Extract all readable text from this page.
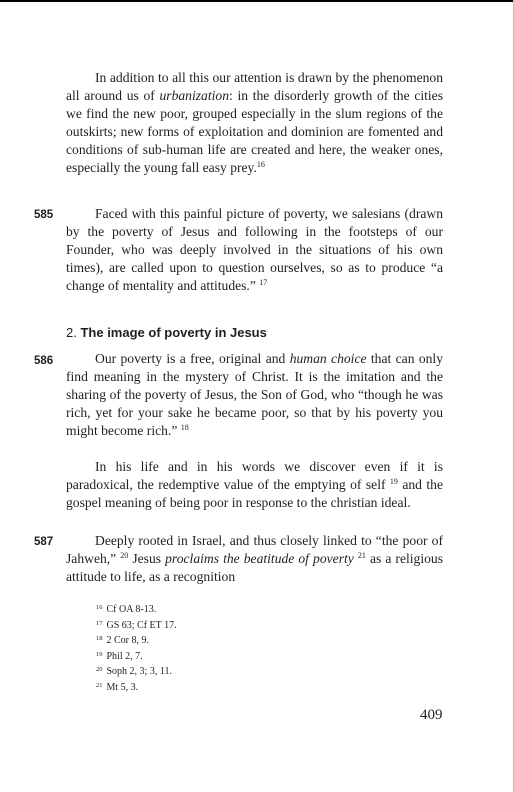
In addition to all this our attention is drawn by the phenomenon all around us of urbanization: in the disorderly growth of the cities we find the new poor, grouped especially in the slum regions of the outskirts; new forms of exploitation and dominion are fomented and conditions of sub-human life are created and here, the weaker ones, especially the young fall easy prey.$^{16}$

585	Faced with this painful picture of poverty, we salesians (drawn by the poverty of Jesus and following in the footsteps of our Founder, who was deeply involved in the situations of his own times), are called upon to question ourselves, so as to produce “a change of mentality and attitudes.” $^{17}$

2. The image of poverty in Jesus
586	Our poverty is a free, original and human choice that can only find meaning in the mystery of Christ. It is the imitation and the sharing of the poverty of Jesus, the Son of God, who “though he was rich, yet for your sake he became poor, so that by his poverty you might become rich.” $^{18}$

In his life and in his words we discover even if it is paradoxical, the redemptive value of the emptying of self $^{19}$ and the gospel meaning of being poor in response to the christian ideal.

587	Deeply rooted in Israel, and thus closely linked to “the poor of Jahweh,” $^{20}$ Jesus proclaims the beatitude of poverty $^{21}$ as a religious attitude to life, as a recognition

$^{16}$ Cf OA 8-13.
$^{17}$ GS 63; Cf ET 17.
$^{18}$ 2 Cor 8, 9.
$^{19}$ Phil 2, 7.
$^{20}$ Soph 2, 3; 3, 11.
$^{21}$ Mt 5, 3.
409
